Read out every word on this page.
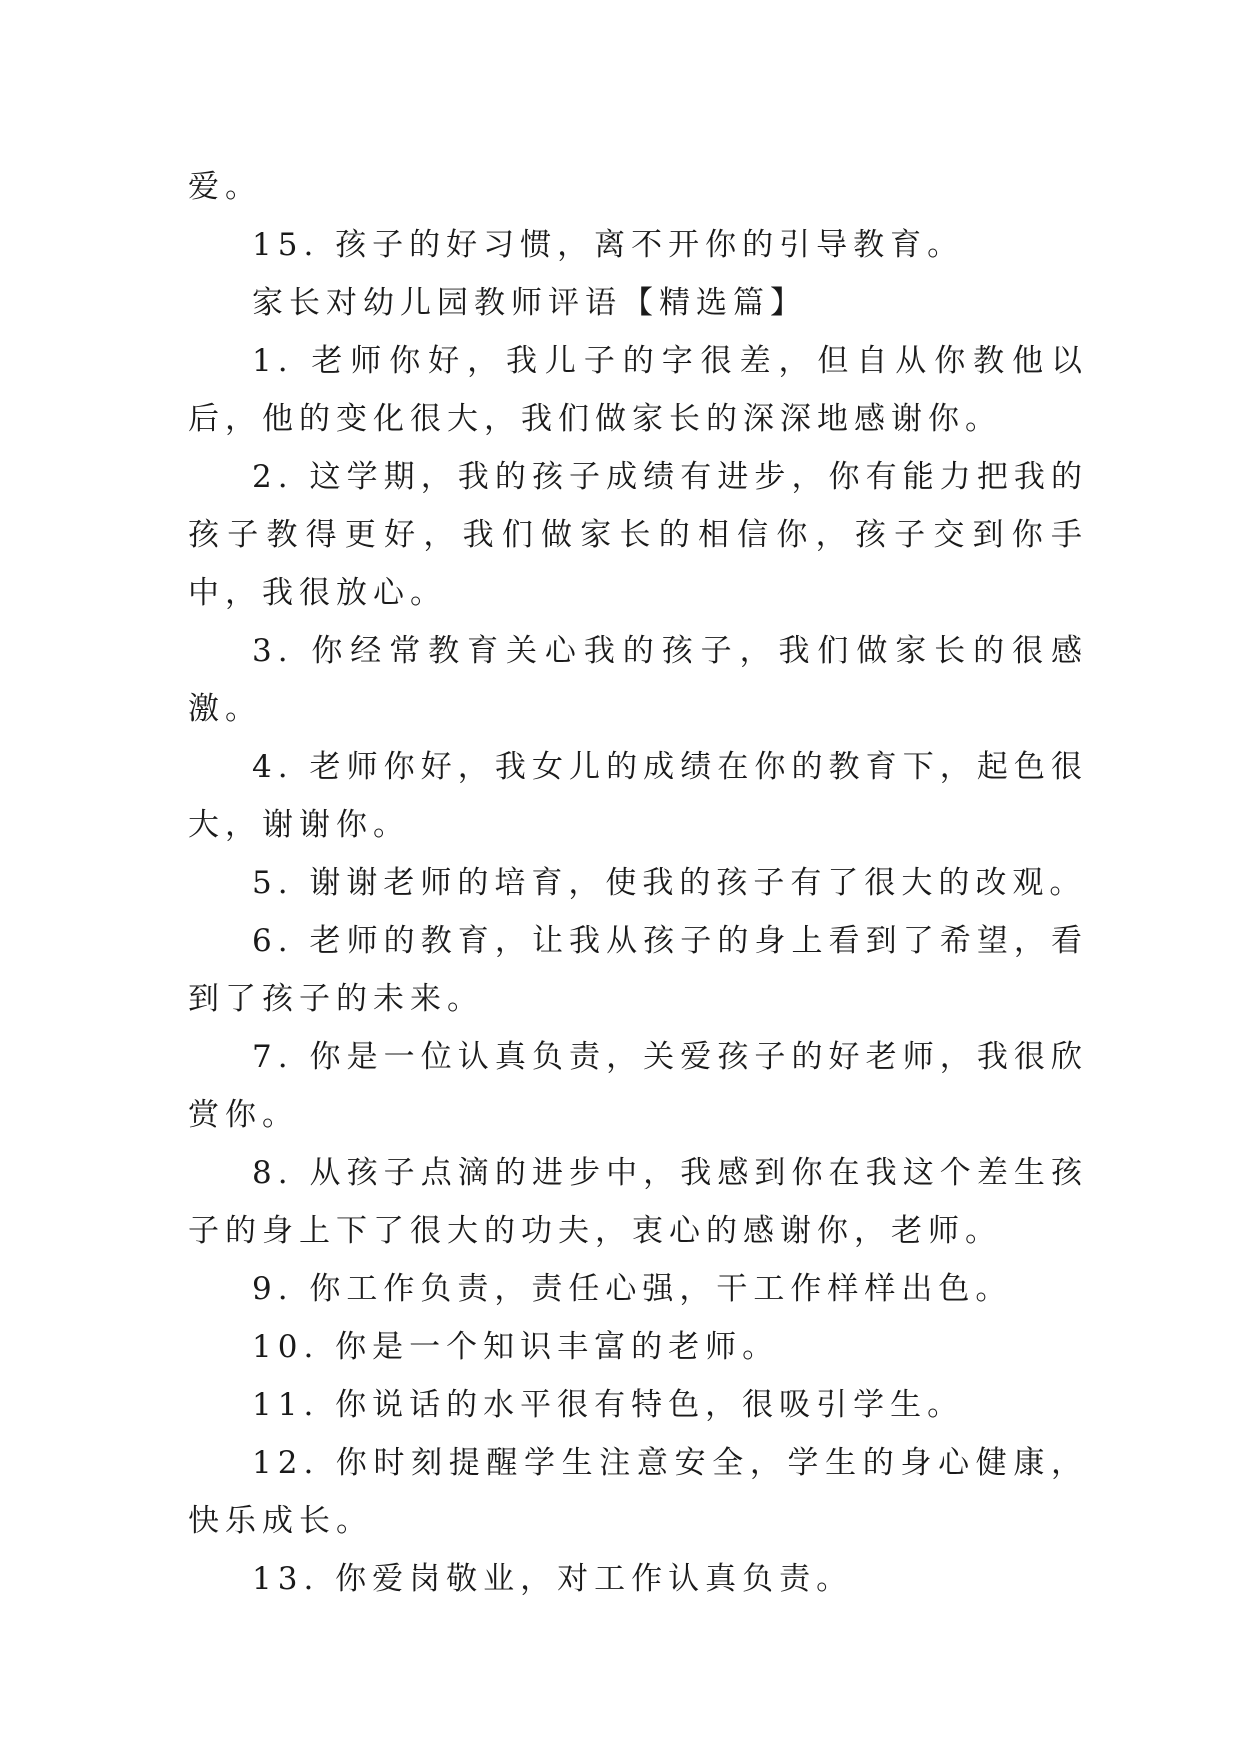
爱。

15. 孩子的好习惯，离不开你的引导教育。

家长对幼儿园教师评语【精选篇】

1. 老师你好，我儿子的字很差，但自从你教他以后，他的变化很大，我们做家长的深深地感谢你。

2. 这学期，我的孩子成绩有进步，你有能力把我的孩子教得更好，我们做家长的相信你，孩子交到你手中，我很放心。

3. 你经常教育关心我的孩子，我们做家长的很感激。

4. 老师你好，我女儿的成绩在你的教育下，起色很大，谢谢你。

5. 谢谢老师的培育，使我的孩子有了很大的改观。

6. 老师的教育，让我从孩子的身上看到了希望，看到了孩子的未来。

7. 你是一位认真负责，关爱孩子的好老师，我很欣赏你。

8. 从孩子点滴的进步中，我感到你在我这个差生孩子的身上下了很大的功夫，衷心的感谢你，老师。

9. 你工作负责，责任心强，干工作样样出色。

10. 你是一个知识丰富的老师。

11. 你说话的水平很有特色，很吸引学生。

12. 你时刻提醒学生注意安全，学生的身心健康，快乐成长。

13. 你爱岗敬业，对工作认真负责。
